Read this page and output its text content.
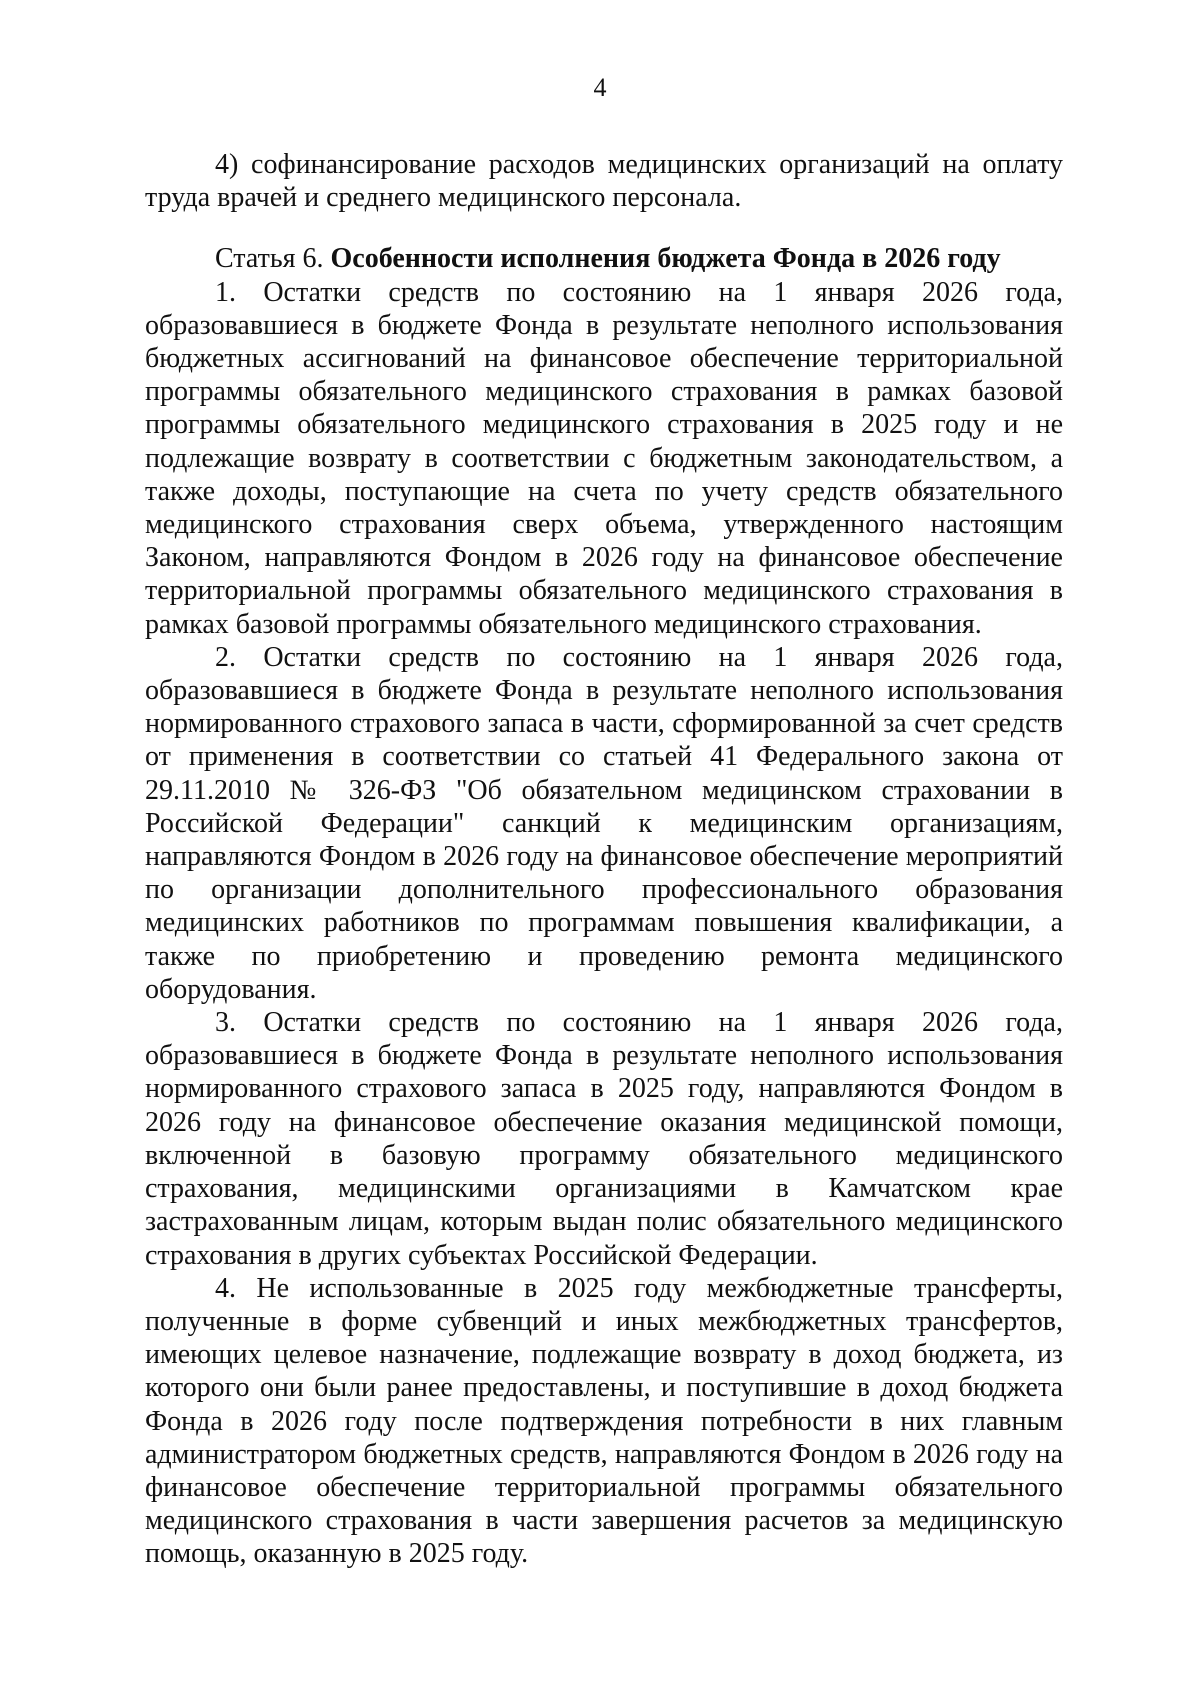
4

4) софинансирование расходов медицинских организаций на оплату труда врачей и среднего медицинского персонала.

Статья 6. Особенности исполнения бюджета Фонда в 2026 году

1. Остатки средств по состоянию на 1 января 2026 года, образовавшиеся в бюджете Фонда в результате неполного использования бюджетных ассигнований на финансовое обеспечение территориальной программы обязательного медицинского страхования в рамках базовой программы обязательного медицинского страхования в 2025 году и не подлежащие возврату в соответствии с бюджетным законодательством, а также доходы, поступающие на счета по учету средств обязательного медицинского страхования сверх объема, утвержденного настоящим Законом, направляются Фондом в 2026 году на финансовое обеспечение территориальной программы обязательного медицинского страхования в рамках базовой программы обязательного медицинского страхования.

2. Остатки средств по состоянию на 1 января 2026 года, образовавшиеся в бюджете Фонда в результате неполного использования нормированного страхового запаса в части, сформированной за счет средств от применения в соответствии со статьей 41 Федерального закона от 29.11.2010 № 326-ФЗ "Об обязательном медицинском страховании в Российской Федерации" санкций к медицинским организациям, направляются Фондом в 2026 году на финансовое обеспечение мероприятий по организации дополнительного профессионального образования медицинских работников по программам повышения квалификации, а также по приобретению и проведению ремонта медицинского оборудования.

3. Остатки средств по состоянию на 1 января 2026 года, образовавшиеся в бюджете Фонда в результате неполного использования нормированного страхового запаса в 2025 году, направляются Фондом в 2026 году на финансовое обеспечение оказания медицинской помощи, включенной в базовую программу обязательного медицинского страхования, медицинскими организациями в Камчатском крае застрахованным лицам, которым выдан полис обязательного медицинского страхования в других субъектах Российской Федерации.

4. Не использованные в 2025 году межбюджетные трансферты, полученные в форме субвенций и иных межбюджетных трансфертов, имеющих целевое назначение, подлежащие возврату в доход бюджета, из которого они были ранее предоставлены, и поступившие в доход бюджета Фонда в 2026 году после подтверждения потребности в них главным администратором бюджетных средств, направляются Фондом в 2026 году на финансовое обеспечение территориальной программы обязательного медицинского страхования в части завершения расчетов за медицинскую помощь, оказанную в 2025 году.
